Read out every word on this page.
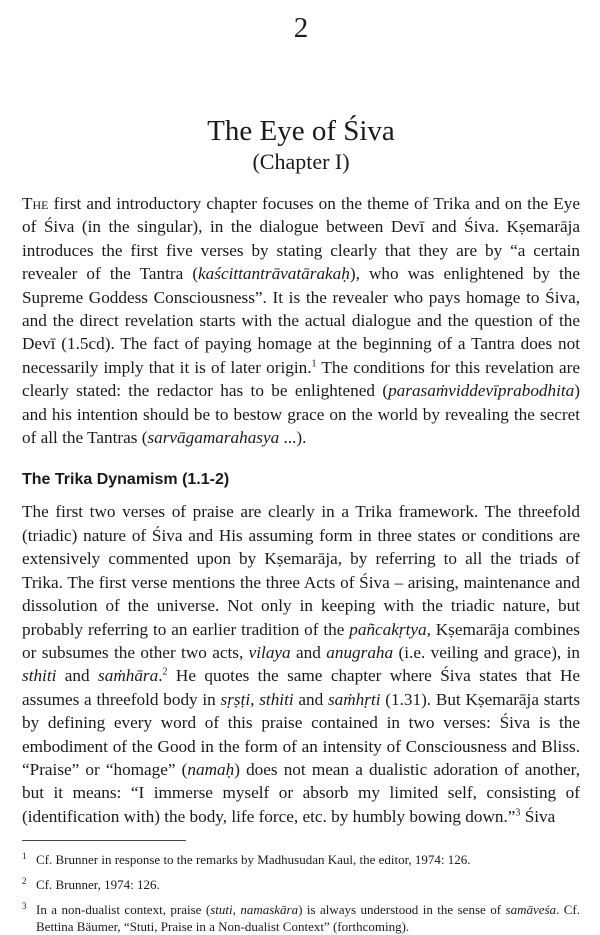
2
The Eye of Śiva
(Chapter I)

The first and introductory chapter focuses on the theme of Trika and on the Eye of Śiva (in the singular), in the dialogue between Devī and Śiva. Kṣemarāja introduces the first five verses by stating clearly that they are by “a certain revealer of the Tantra (kaścittantrāvatārakaḥ), who was enlightened by the Supreme Goddess Consciousness”. It is the revealer who pays homage to Śiva, and the direct revelation starts with the actual dialogue and the question of the Devī (1.5cd). The fact of paying homage at the beginning of a Tantra does not necessarily imply that it is of later origin.$^1$ The conditions for this revelation are clearly stated: the redactor has to be enlightened (parasaṁviddevīprabodhita) and his intention should be to bestow grace on the world by revealing the secret of all the Tantras (sarvāgamarahasya ...).

The Trika Dynamism (1.1-2)

The first two verses of praise are clearly in a Trika framework. The threefold (triadic) nature of Śiva and His assuming form in three states or conditions are extensively commented upon by Kṣemarāja, by referring to all the triads of Trika. The first verse mentions the three Acts of Śiva – arising, maintenance and dissolution of the universe. Not only in keeping with the triadic nature, but probably referring to an earlier tradition of the pañcakṛtya, Kṣemarāja combines or subsumes the other two acts, vilaya and anugraha (i.e. veiling and grace), in sthiti and saṁhāra.$^2$ He quotes the same chapter where Śiva states that He assumes a threefold body in sṛṣṭi, sthiti and saṁhṛti (1.31). But Kṣemarāja starts by defining every word of this praise contained in two verses: Śiva is the embodiment of the Good in the form of an intensity of Consciousness and Bliss. “Praise” or “homage” (namaḥ) does not mean a dualistic adoration of another, but it means: “I immerse myself or absorb my limited self, consisting of (identification with) the body, life force, etc. by humbly bowing down.”$^3$ Śiva

1 Cf. Brunner in response to the remarks by Madhusudan Kaul, the editor, 1974: 126.

2 Cf. Brunner, 1974: 126.

3 In a non-dualist context, praise (stuti, namaskāra) is always understood in the sense of samāveśa. Cf. Bettina Bäumer, “Stuti, Praise in a Non-dualist Context” (forthcoming).
